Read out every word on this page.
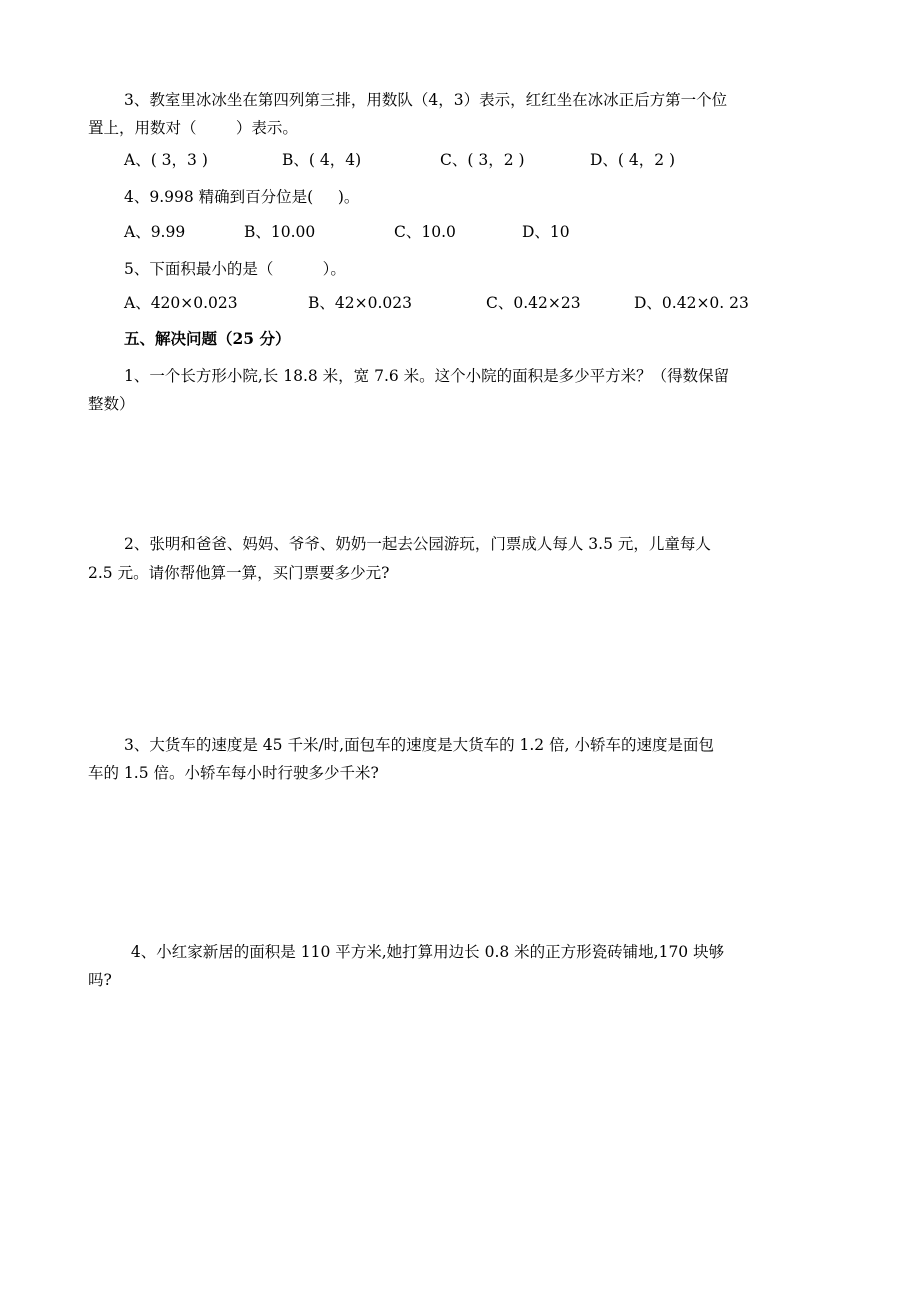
3、教室里冰冰坐在第四列第三排，用数队（4，3）表示，红红坐在冰冰正后方第一个位

置上，用数对（        ）表示。

A、( 3，3 )	B、( 4，4)	C、( 3，2 )	D、( 4，2 )

4、9.998 精确到百分位是(     )。

A、9.99	B、10.00	C、10.0	D、10

5、下面积最小的是（          ）。

A、420×0.023	B、42×0.023	C、0.42×23	D、0.42×0. 23

五、解决问题（25 分）

1、一个长方形小院,长 18.8 米，宽 7.6 米。这个小院的面积是多少平方米？（得数保留

整数）

2、张明和爸爸、妈妈、爷爷、奶奶一起去公园游玩，门票成人每人 3.5 元，儿童每人

2.5 元。请你帮他算一算，买门票要多少元?

3、大货车的速度是 45 千米/时,面包车的速度是大货车的 1.2 倍, 小轿车的速度是面包

车的 1.5 倍。小轿车每小时行驶多少千米?

4、小红家新居的面积是 110 平方米,她打算用边长 0.8 米的正方形瓷砖铺地,170 块够

吗?
